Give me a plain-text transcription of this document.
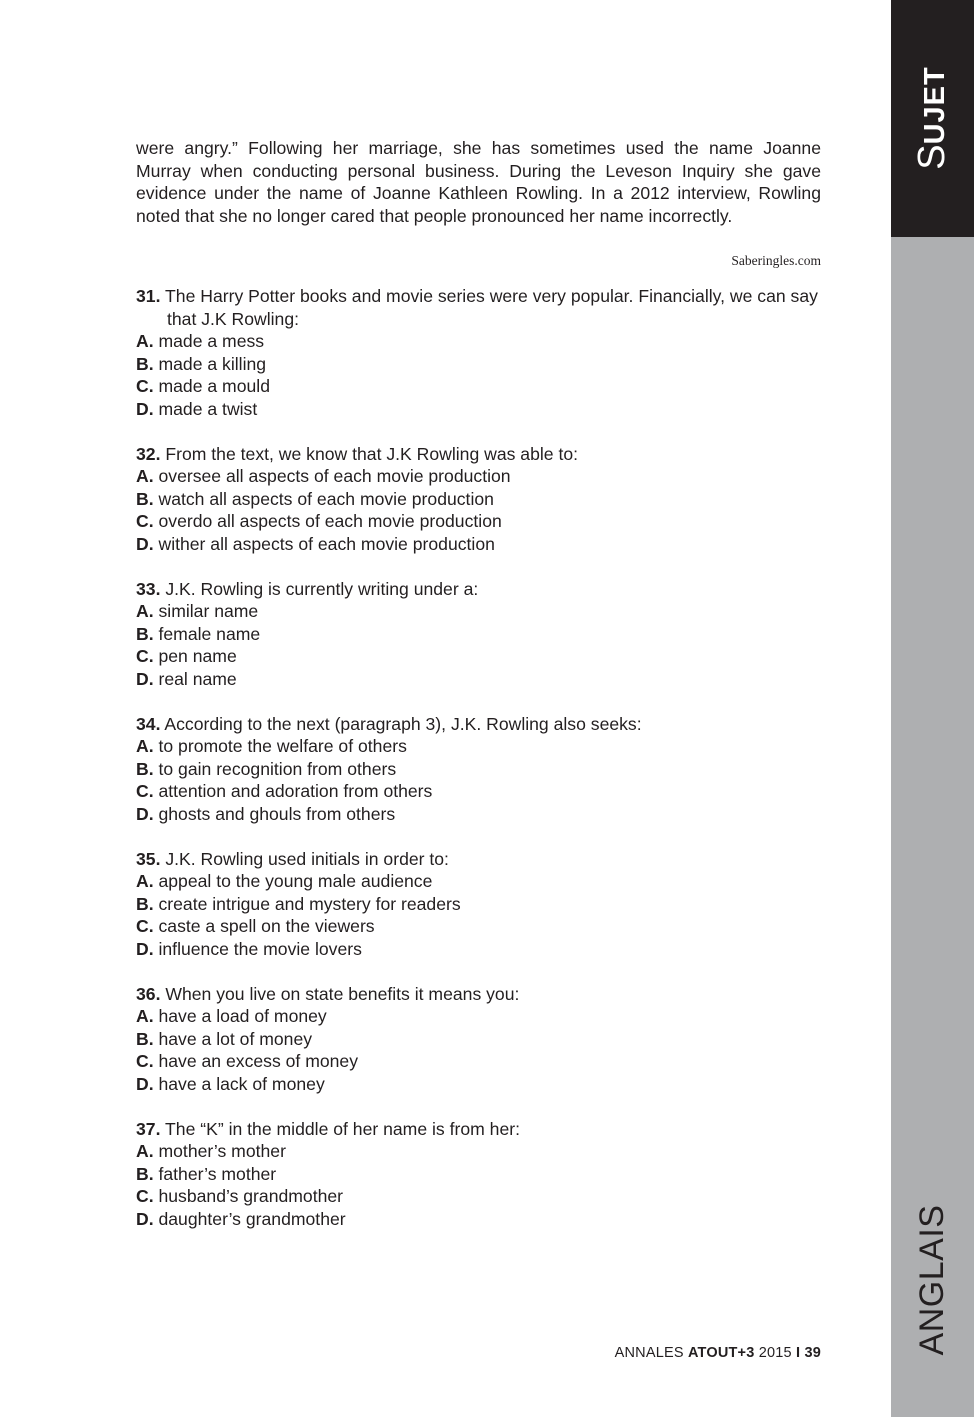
SUJET
ANGLAIS

were angry.” Following her marriage, she has sometimes used the name Joanne Murray when conducting personal business. During the Leveson Inquiry she gave evidence under the name of Joanne Kathleen Rowling. In a 2012 interview, Rowling noted that she no longer cared that people pronounced her name incorrectly.

Saberingles.com
31. The Harry Potter books and movie series were very popular. Financially, we can say that J.K Rowling:
A. made a mess
B. made a killing
C. made a mould
D. made a twist
32. From the text, we know that J.K Rowling was able to:
A. oversee all aspects of each movie production
B. watch all aspects of each movie production
C. overdo all aspects of each movie production
D. wither all aspects of each movie production
33. J.K. Rowling is currently writing under a:
A. similar name
B. female name
C. pen name
D. real name
34. According to the next (paragraph 3), J.K. Rowling also seeks:
A. to promote the welfare of others
B. to gain recognition from others
C. attention and adoration from others
D. ghosts and ghouls from others
35. J.K. Rowling used initials in order to:
A. appeal to the young male audience
B. create intrigue and mystery for readers
C. caste a spell on the viewers
D. influence the movie lovers
36. When you live on state benefits it means you:
A. have a load of money
B. have a lot of money
C. have an excess of money
D. have a lack of money
37. The “K” in the middle of her name is from her:
A. mother’s mother
B. father’s mother
C. husband’s grandmother
D. daughter’s grandmother
ANNALES ATOUT+3 2015 I 39
